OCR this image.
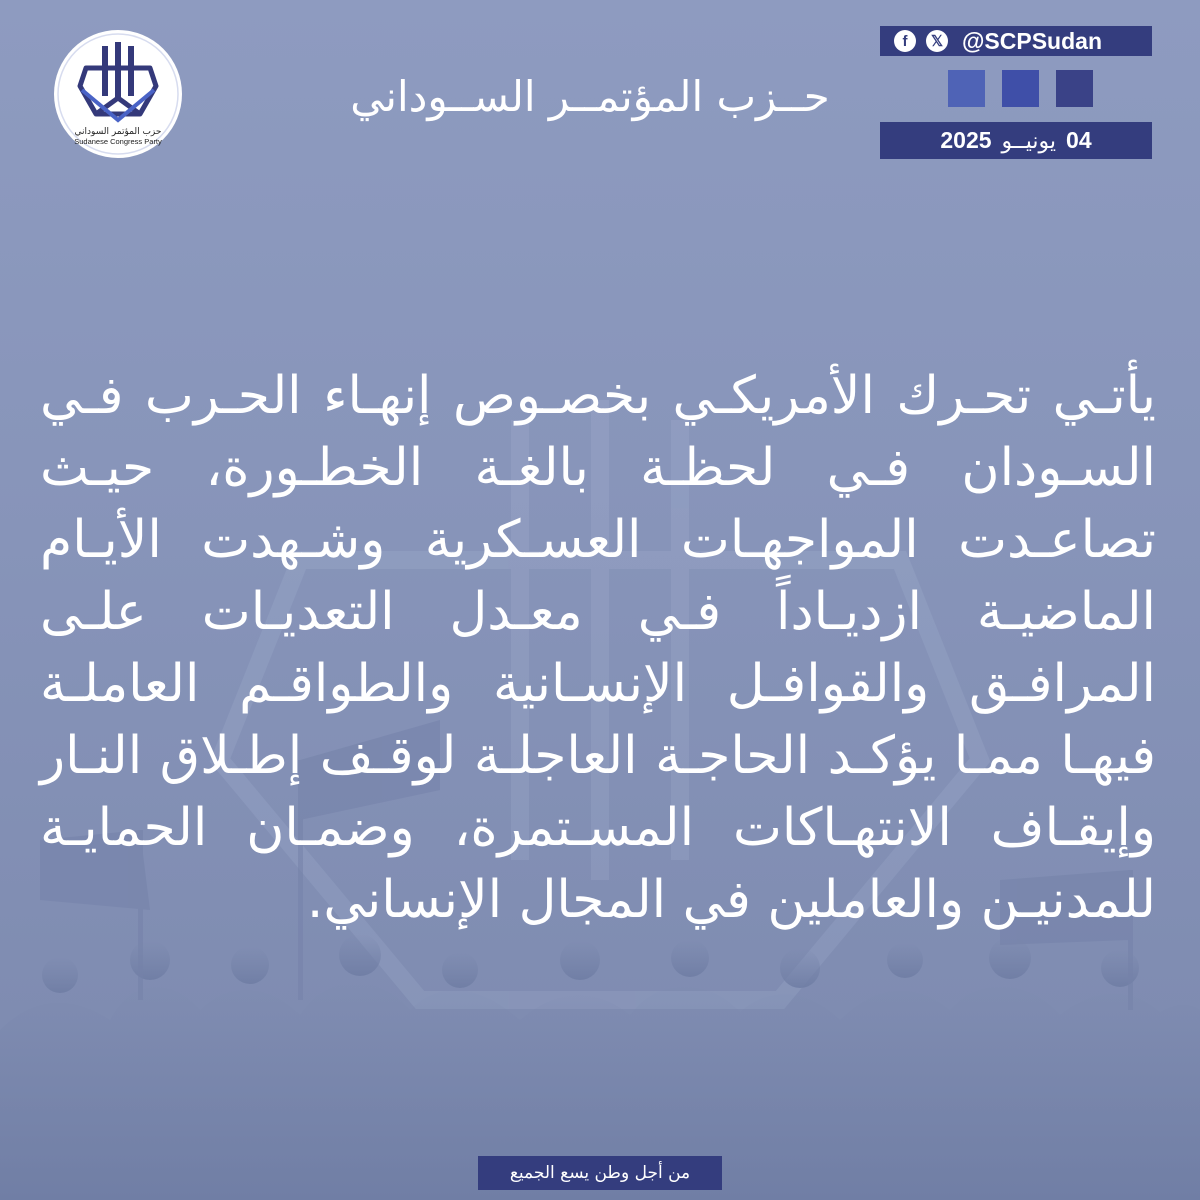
حزب المؤتمر السوداني
Sudanese Congress Party
حــزب المؤتمــر الســوداني
f	𝕏 @SCPSudan
2025 يونيــو 04
يأتـي تحـرك الأمريكـي بخصـوص إنهـاء الحـرب فـي السـودان فـي لحظـة بالغـة الخطـورة، حيـث تصاعـدت المواجهـات العسـكرية وشـهدت الأيـام الماضيـة ازديـاداً فـي معـدل التعديـات علـى المرافـق والقوافـل الإنسـانية والطواقـم العاملـة فيهـا ممـا يؤكـد الحاجـة العاجلـة لوقـف إطـلاق النـار وإيقـاف الانتهـاكات المسـتمرة، وضمـان الحمايـة للمدنيـن والعاملين في المجال الإنساني.
من أجل وطن يسع الجميع
